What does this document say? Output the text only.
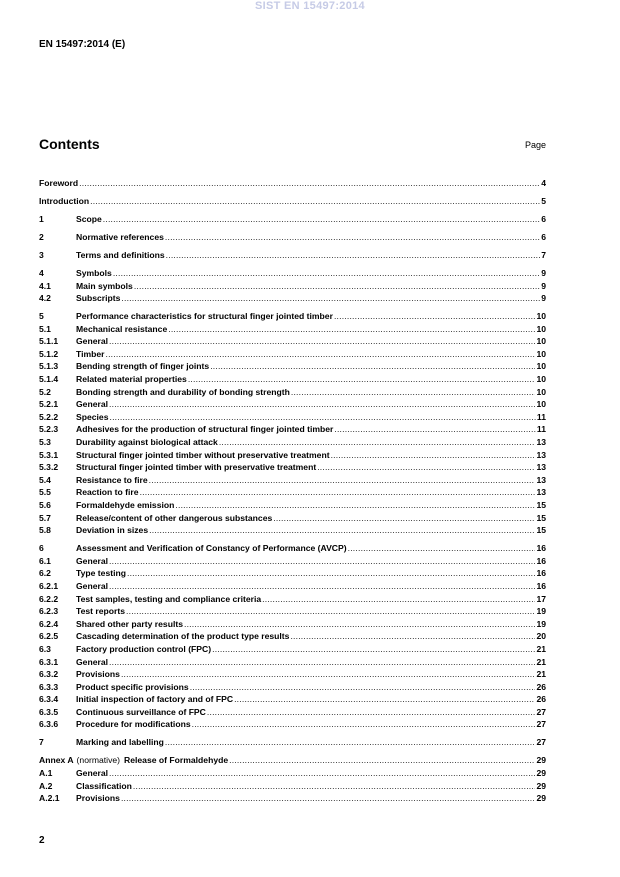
SIST EN 15497:2014
EN 15497:2014 (E)
Contents	Page
Foreword .....	4
Introduction .....	5
1	Scope .....	6
2	Normative references .....	6
3	Terms and definitions .....	7
4	Symbols .....	9
4.1	Main symbols .....	9
4.2	Subscripts .....	9
5	Performance characteristics for structural finger jointed timber .....	10
5.1	Mechanical resistance .....	10
5.1.1	General .....	10
5.1.2	Timber .....	10
5.1.3	Bending strength of finger joints .....	10
5.1.4	Related material properties .....	10
5.2	Bonding strength and durability of bonding strength .....	10
5.2.1	General .....	10
5.2.2	Species .....	11
5.2.3	Adhesives for the production of structural finger jointed timber .....	11
5.3	Durability against biological attack .....	13
5.3.1	Structural finger jointed timber without preservative treatment .....	13
5.3.2	Structural finger jointed timber with preservative treatment .....	13
5.4	Resistance to fire .....	13
5.5	Reaction to fire .....	13
5.6	Formaldehyde emission .....	15
5.7	Release/content of other dangerous substances .....	15
5.8	Deviation in sizes .....	15
6	Assessment and Verification of Constancy of Performance (AVCP) .....	16
6.1	General .....	16
6.2	Type testing .....	16
6.2.1	General .....	16
6.2.2	Test samples, testing and compliance criteria .....	17
6.2.3	Test reports .....	19
6.2.4	Shared other party results .....	19
6.2.5	Cascading determination of the product type results .....	20
6.3	Factory production control (FPC) .....	21
6.3.1	General .....	21
6.3.2	Provisions .....	21
6.3.3	Product specific provisions .....	26
6.3.4	Initial inspection of factory and of FPC .....	26
6.3.5	Continuous surveillance of FPC .....	27
6.3.6	Procedure for modifications .....	27
7	Marking and labelling .....	27
Annex A (normative) Release of Formaldehyde .....	29
A.1	General .....	29
A.2	Classification .....	29
A.2.1	Provisions .....	29
2
